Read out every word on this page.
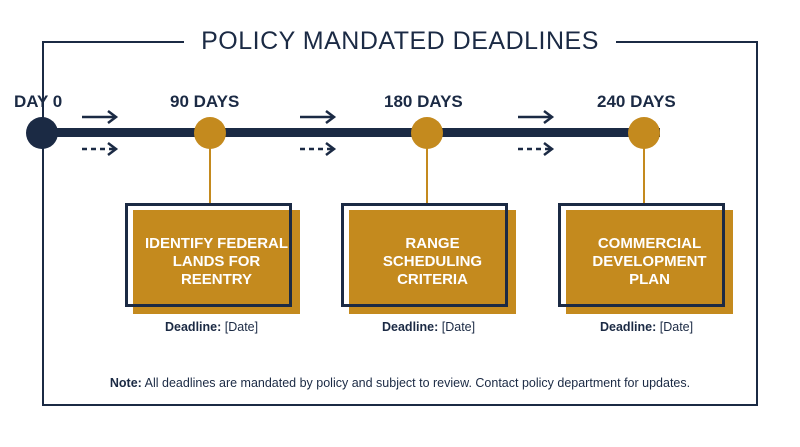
POLICY MANDATED DEADLINES
DAY 0	90 DAYS
IDENTIFY FEDERAL LANDS FOR REENTRY
Deadline: [Date]
180 DAYS
RANGE SCHEDULING CRITERIA
Deadline: [Date]
240 DAYS
COMMERCIAL DEVELOPMENT PLAN
Deadline: [Date]
Note: All deadlines are mandated by policy and subject to review. Contact policy department for updates.
